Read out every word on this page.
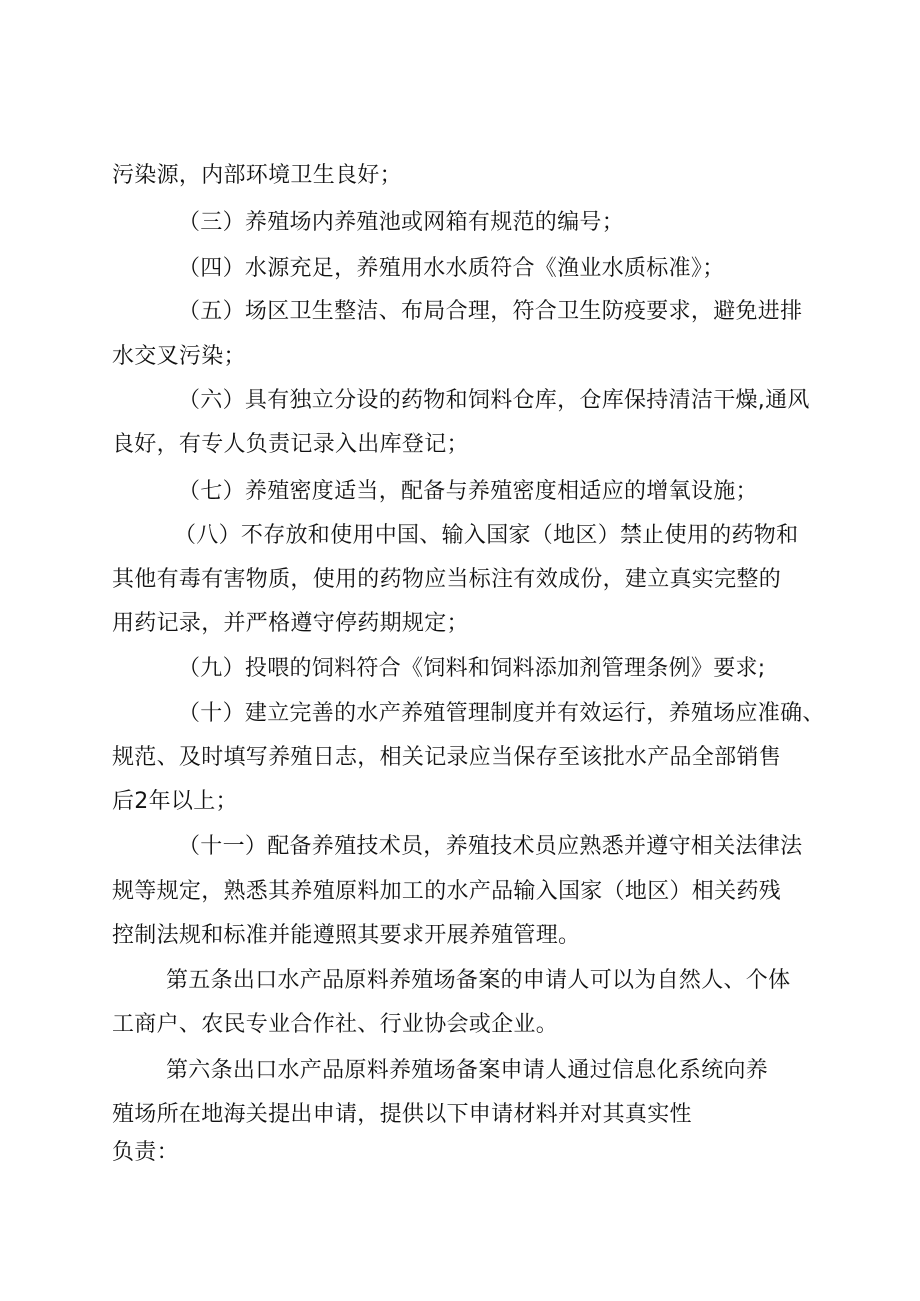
污染源，内部环境卫生良好；
（三）养殖场内养殖池或网箱有规范的编号；
（四）水源充足，养殖用水水质符合《渔业水质标准》；
（五）场区卫生整洁、布局合理，符合卫生防疫要求，避免进排
水交叉污染；
（六）具有独立分设的药物和饲料仓库，仓库保持清洁干燥,通风
良好，有专人负责记录入出库登记；
（七）养殖密度适当，配备与养殖密度相适应的增氧设施；
（八）不存放和使用中国、输入国家（地区）禁止使用的药物和
其他有毒有害物质，使用的药物应当标注有效成份，建立真实完整的
用药记录，并严格遵守停药期规定；
（九）投喂的饲料符合《饲料和饲料添加剂管理条例》要求;
（十）建立完善的水产养殖管理制度并有效运行，养殖场应准确、
规范、及时填写养殖日志，相关记录应当保存至该批水产品全部销售
后2年以上；
（十一）配备养殖技术员，养殖技术员应熟悉并遵守相关法律法
规等规定，熟悉其养殖原料加工的水产品输入国家（地区）相关药残
控制法规和标准并能遵照其要求开展养殖管理。
第五条出口水产品原料养殖场备案的申请人可以为自然人、个体
工商户、农民专业合作社、行业协会或企业。
第六条出口水产品原料养殖场备案申请人通过信息化系统向养
殖场所在地海关提出申请，提供以下申请材料并对其真实性
负责：
